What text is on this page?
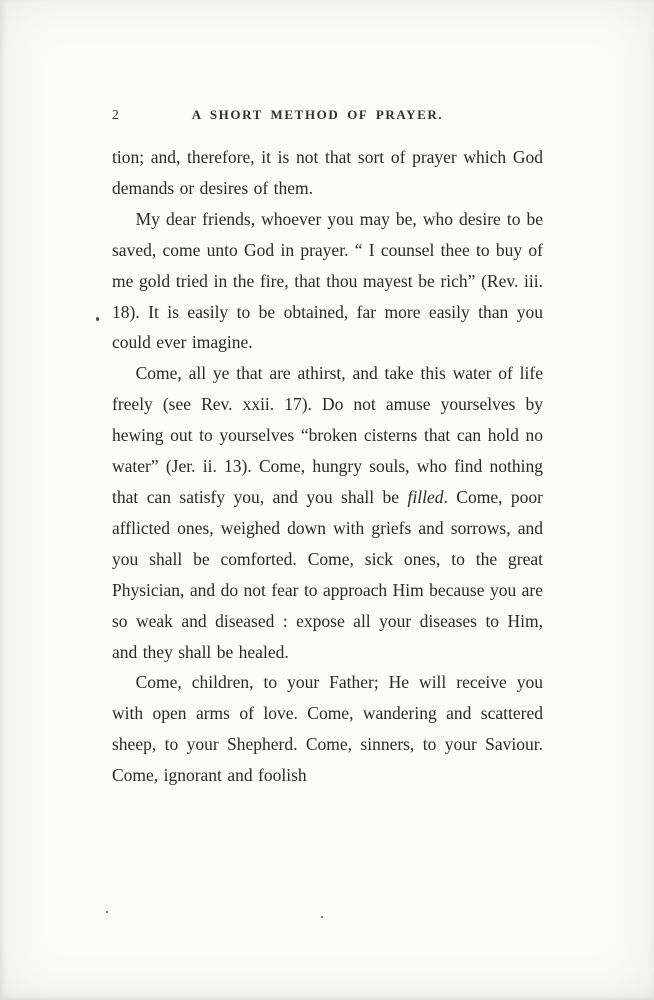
2	A SHORT METHOD OF PRAYER.

tion; and, therefore, it is not that sort of prayer which God demands or desires of them.

My dear friends, whoever you may be, who desire to be saved, come unto God in prayer. “ I counsel thee to buy of me gold tried in the fire, that thou mayest be rich” (Rev. iii. 18). It is easily to be obtained, far more easily than you could ever imagine.

Come, all ye that are athirst, and take this water of life freely (see Rev. xxii. 17). Do not amuse yourselves by hewing out to yourselves “broken cisterns that can hold no water” (Jer. ii. 13). Come, hungry souls, who find nothing that can satisfy you, and you shall be filled. Come, poor afflicted ones, weighed down with griefs and sorrows, and you shall be comforted. Come, sick ones, to the great Physician, and do not fear to approach Him because you are so weak and diseased : expose all your diseases to Him, and they shall be healed.

Come, children, to your Father; He will receive you with open arms of love. Come, wandering and scattered sheep, to your Shepherd. Come, sinners, to your Saviour. Come, ignorant and foolish
